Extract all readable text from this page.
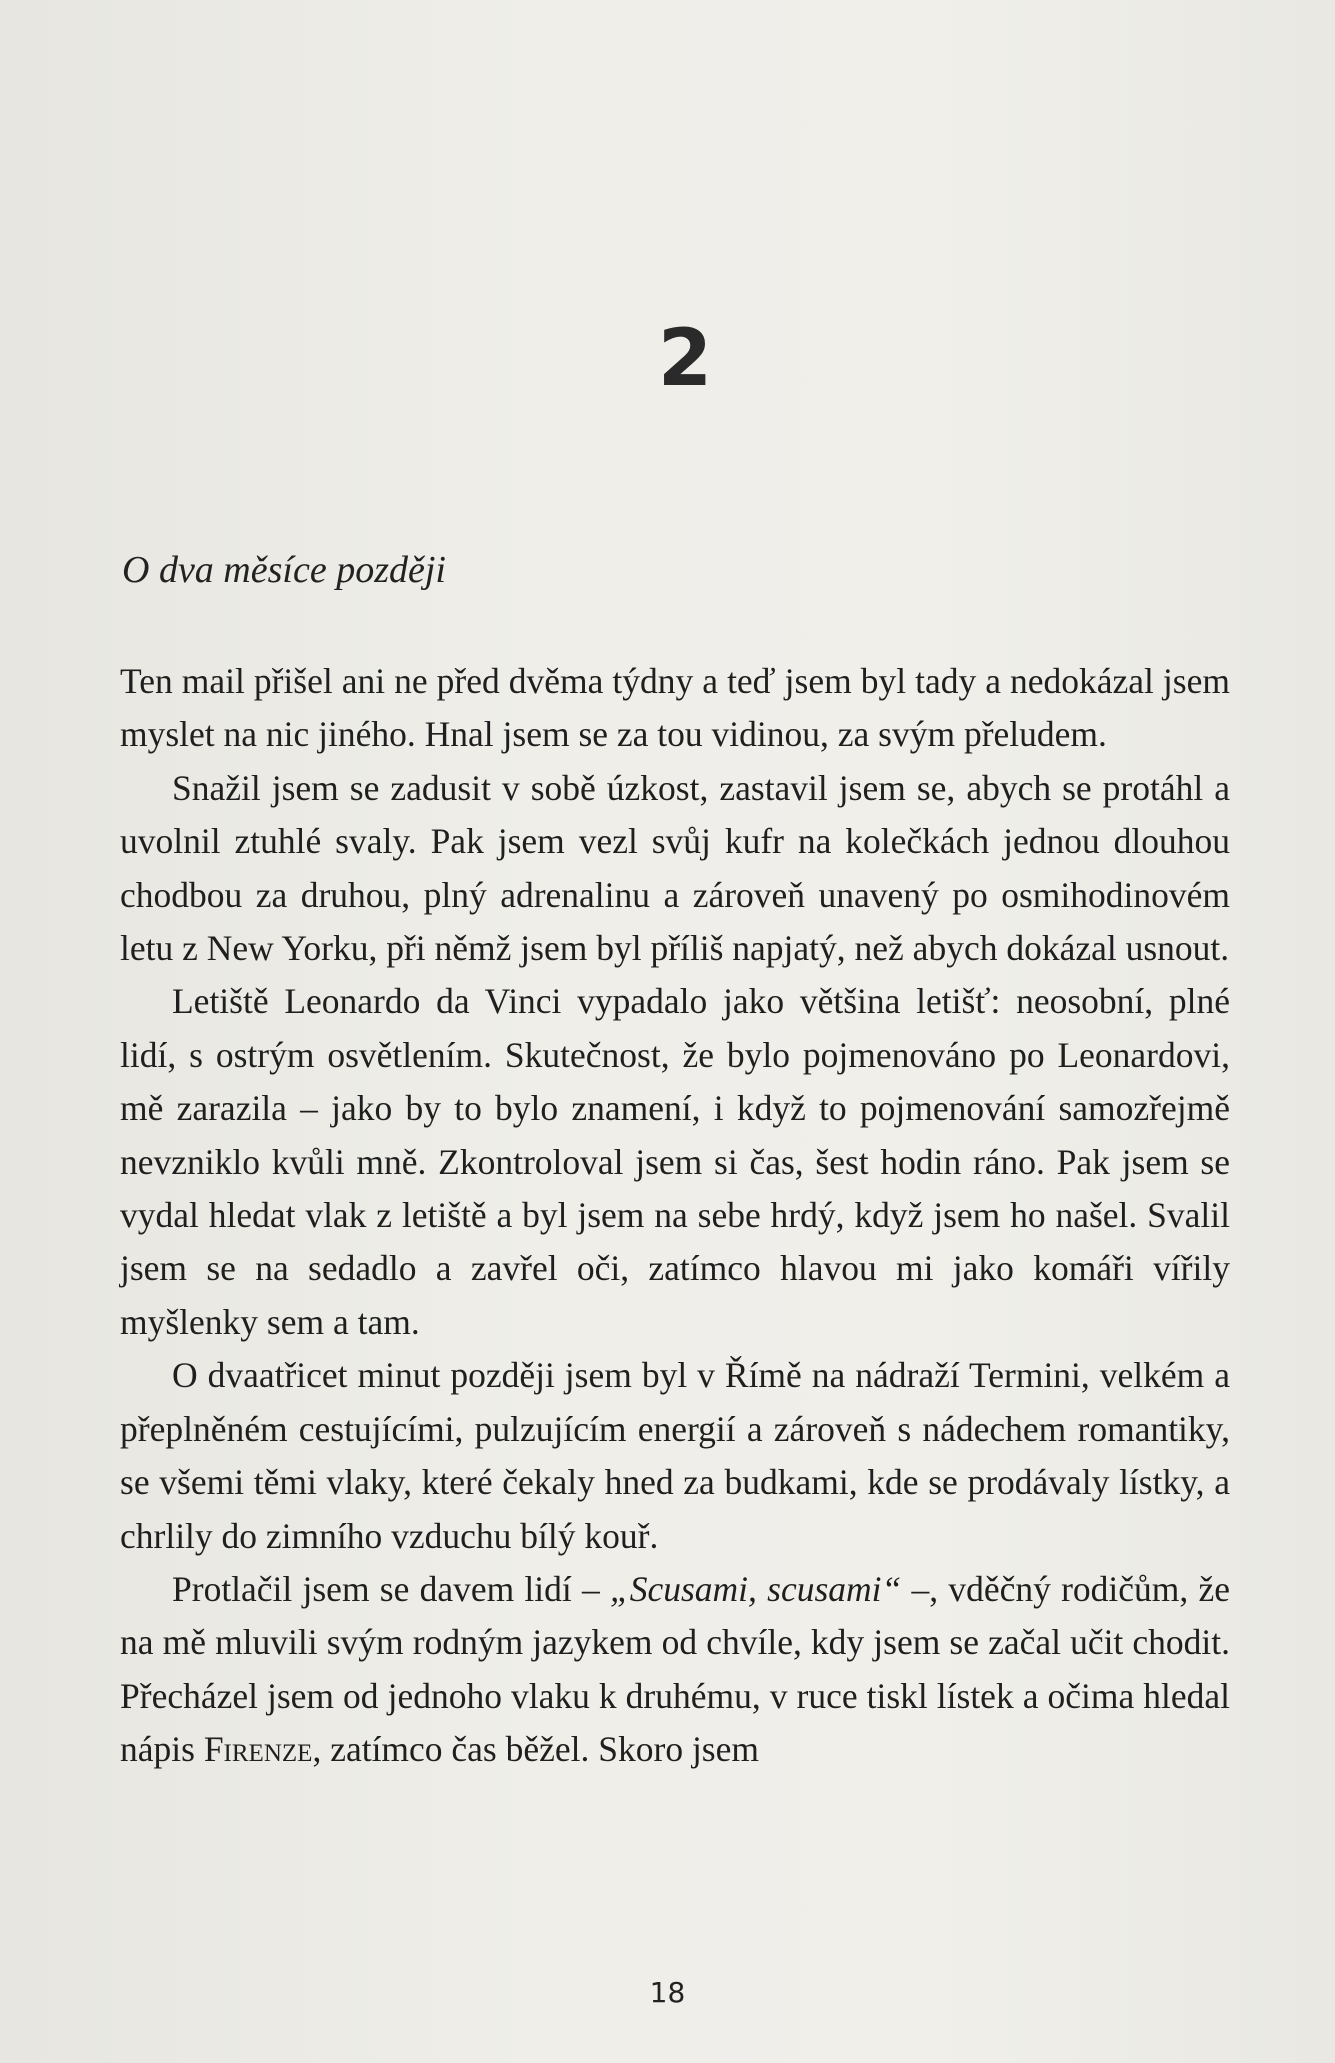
2
O dva měsíce později

Ten mail přišel ani ne před dvěma týdny a teď jsem byl tady a nedokázal jsem myslet na nic jiného. Hnal jsem se za tou vidinou, za svým přeludem.

Snažil jsem se zadusit v sobě úzkost, zastavil jsem se, abych se protáhl a uvolnil ztuhlé svaly. Pak jsem vezl svůj kufr na kolečkách jednou dlouhou chodbou za druhou, plný adrenalinu a zároveň unavený po osmihodinovém letu z New Yorku, při němž jsem byl příliš napjatý, než abych dokázal usnout.

Letiště Leonardo da Vinci vypadalo jako většina letišť: neosobní, plné lidí, s ostrým osvětlením. Skutečnost, že bylo pojmenováno po Leonardovi, mě zarazila – jako by to bylo znamení, i když to pojmenování samozřejmě nevzniklo kvůli mně. Zkontroloval jsem si čas, šest hodin ráno. Pak jsem se vydal hledat vlak z letiště a byl jsem na sebe hrdý, když jsem ho našel. Svalil jsem se na sedadlo a zavřel oči, zatímco hlavou mi jako komáři vířily myšlenky sem a tam.

O dvaatřicet minut později jsem byl v Římě na nádraží Termini, velkém a přeplněném cestujícími, pulzujícím energií a zároveň s nádechem romantiky, se všemi těmi vlaky, které čekaly hned za budkami, kde se prodávaly lístky, a chrlily do zimního vzduchu bílý kouř.

Protlačil jsem se davem lidí – „Scusami, scusami“ –, vděčný rodičům, že na mě mluvili svým rodným jazykem od chvíle, kdy jsem se začal učit chodit. Přecházel jsem od jednoho vlaku k druhému, v ruce tiskl lístek a očima hledal nápis Firenze, zatímco čas běžel. Skoro jsem

18
